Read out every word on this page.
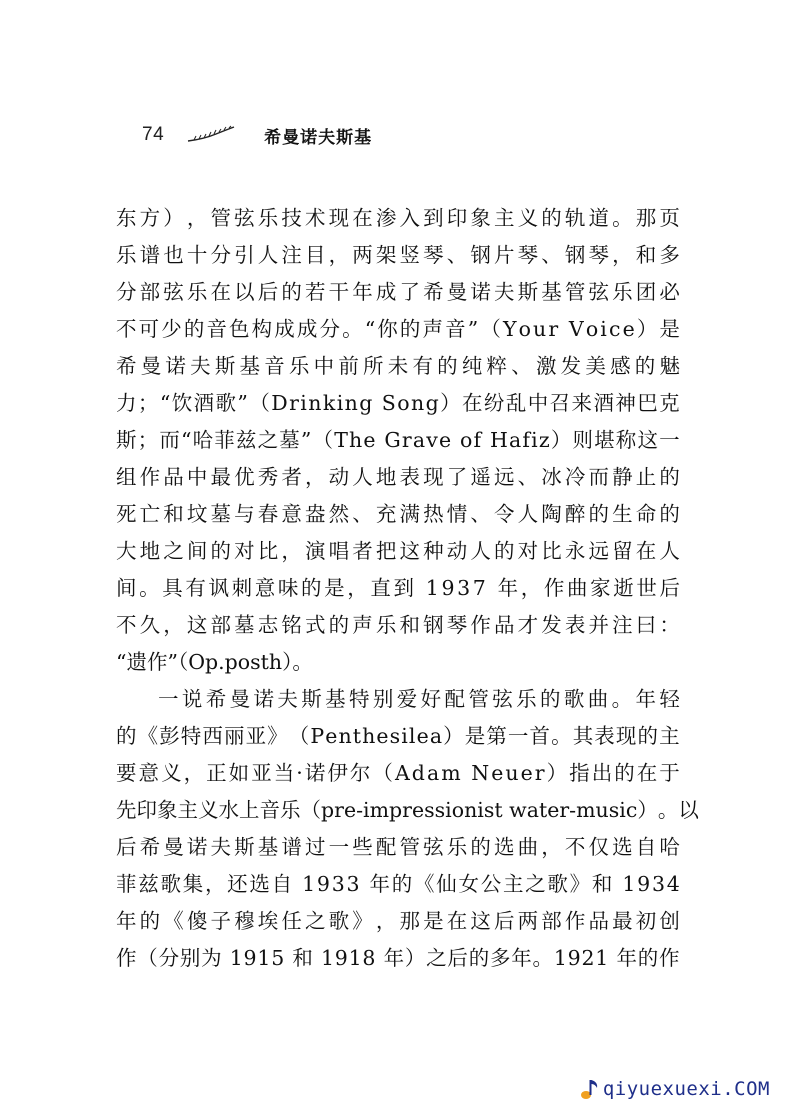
74	希曼诺夫斯基
东 方 ） ， 管 弦 乐 技 术 现 在 渗 入 到 印 象 主 义 的 轨 道 。 那 页
乐 谱 也 十 分 引 人 注 目 ， 两 架 竖 琴 、 钢 片 琴 、 钢 琴 ， 和 多
分 部 弦 乐 在 以 后 的 若 干 年 成 了 希 曼 诺 夫 斯 基 管 弦 乐 团 必
不 可 少 的 音 色 构 成 成 分 。 “ 你 的 声 音 ” （ Y o u r
V o i c e ） 是
希 曼 诺 夫 斯 基 音 乐 中 前 所 未 有 的 纯 粹 、 激 发 美 感 的 魅
力 ； “ 饮 酒 歌 ” （ D r i n k i n g
S o n g ） 在 纷 乱 中 召 来 酒 神 巴 克
斯 ； 而 “ 哈 菲 兹 之 墓 ” （ T h e
G r a v e
o f
H a f i z ） 则 堪 称 这 一
组 作 品 中 最 优 秀 者 ， 动 人 地 表 现 了 遥 远 、 冰 冷 而 静 止 的
死 亡 和 坟 墓 与 春 意 盎 然 、 充 满 热 情 、 令 人 陶 醉 的 生 命 的
大 地 之 间 的 对 比 ， 演 唱 者 把 这 种 动 人 的 对 比 永 远 留 在 人
间 。 具 有 讽 刺 意 味 的 是 ， 直 到
1 9 3 7
年 ， 作 曲 家 逝 世 后
不 久 ， 这 部 墓 志 铭 式 的 声 乐 和 钢 琴 作 品 才 发 表 并 注 曰 ：
“遗作”（Op.posth）。
一 说 希 曼 诺 夫 斯 基 特 别 爱 好 配 管 弦 乐 的 歌 曲 。 年 轻
的 《 彭 特 西 丽 亚 》 （ P e n t h e s i l e a ） 是 第 一 首 。 其 表 现 的 主
要 意 义 ， 正 如 亚 当 · 诺 伊 尔 （ A d a m
N e u e r ） 指 出 的 在 于
先 印 象 主 义 水 上 音 乐 （ p r e - i m p r e s s i o n i s t
w a t e r - m u s i c ） 。 以
后 希 曼 诺 夫 斯 基 谱 过 一 些 配 管 弦 乐 的 选 曲 ， 不 仅 选 自 哈
菲 兹 歌 集 ， 还 选 自
1 9 3 3
年 的 《 仙 女 公 主 之 歌 》 和
1 9 3 4
年 的 《 傻 子 穆 埃 任 之 歌 》 ， 那 是 在 这 后 两 部 作 品 最 初 创
作 （ 分 别 为
1 9 1 5
和
1 9 1 8
年 ） 之 后 的 多 年 。 1 9 2 1
年 的 作
qiyuexuexi.COM
